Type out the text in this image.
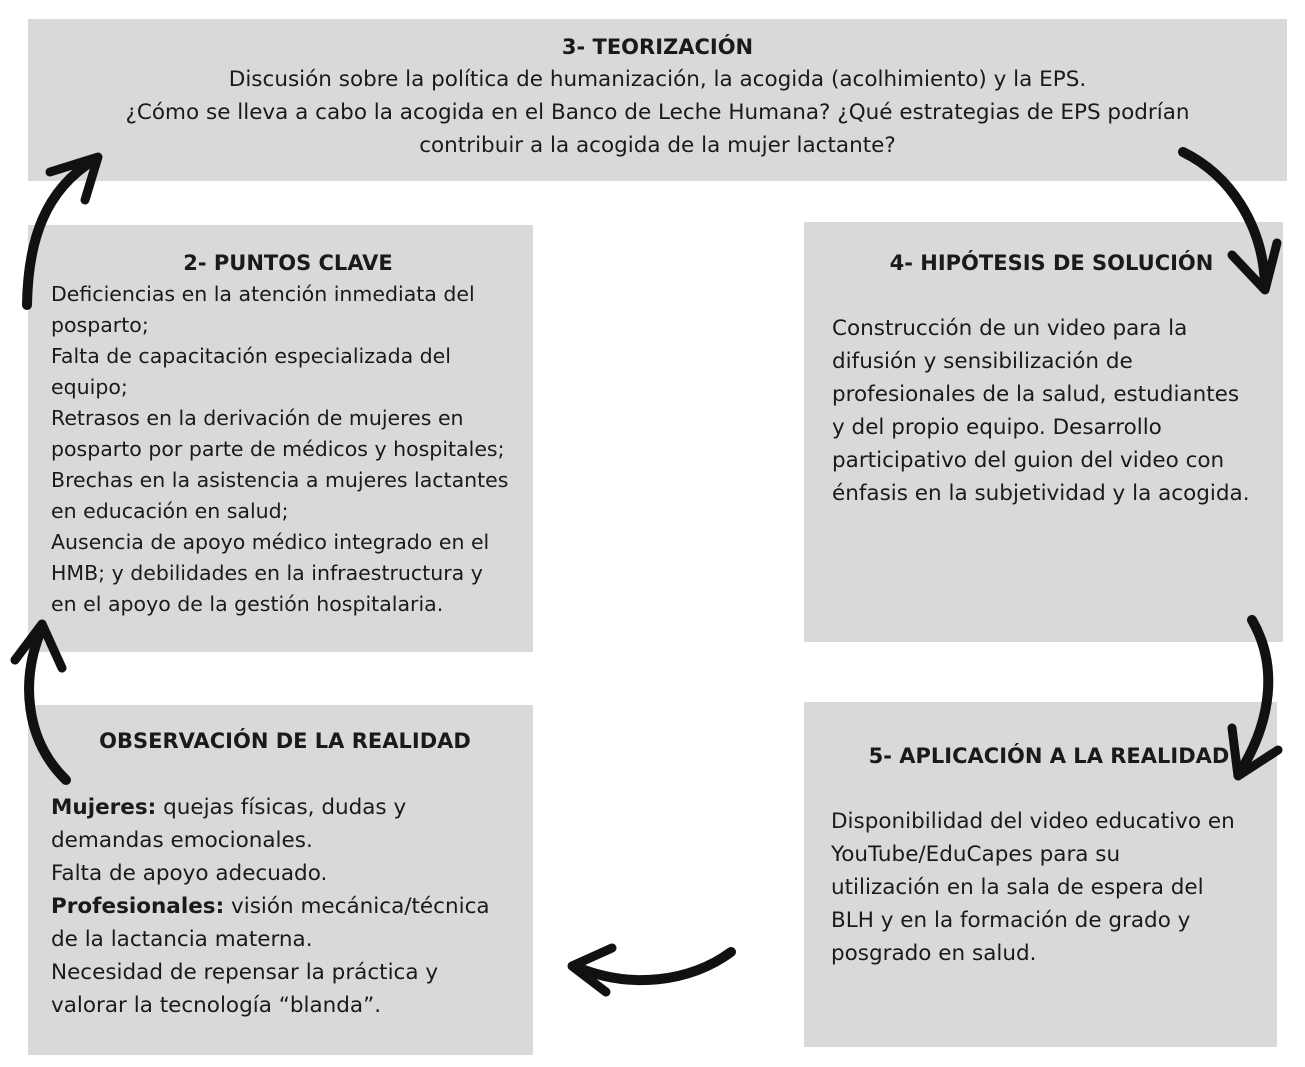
3- TEORIZACIÓN
Discusión sobre la política de humanización, la acogida (acolhimiento) y la EPS.
¿Cómo se lleva a cabo la acogida en el Banco de Leche Humana? ¿Qué estrategias de EPS podrían
contribuir a la acogida de la mujer lactante?
2- PUNTOS CLAVE
Deficiencias en la atención inmediata del
posparto;
Falta de capacitación especializada del
equipo;
Retrasos en la derivación de mujeres en
posparto por parte de médicos y hospitales;
Brechas en la asistencia a mujeres lactantes
en educación en salud;
Ausencia de apoyo médico integrado en el
HMB; y debilidades en la infraestructura y
en el apoyo de la gestión hospitalaria.
4- HIPÓTESIS DE SOLUCIÓN
Construcción de un video para la
difusión y sensibilización de
profesionales de la salud, estudiantes
y del propio equipo. Desarrollo
participativo del guion del video con
énfasis en la subjetividad y la acogida.
OBSERVACIÓN DE LA REALIDAD
Mujeres: quejas físicas, dudas y
demandas emocionales.
Falta de apoyo adecuado.
Profesionales: visión mecánica/técnica
de la lactancia materna.
Necesidad de repensar la práctica y
valorar la tecnología “blanda”.
5- APLICACIÓN A LA REALIDAD
Disponibilidad del video educativo en
YouTube/EduCapes para su
utilización en la sala de espera del
BLH y en la formación de grado y
posgrado en salud.
